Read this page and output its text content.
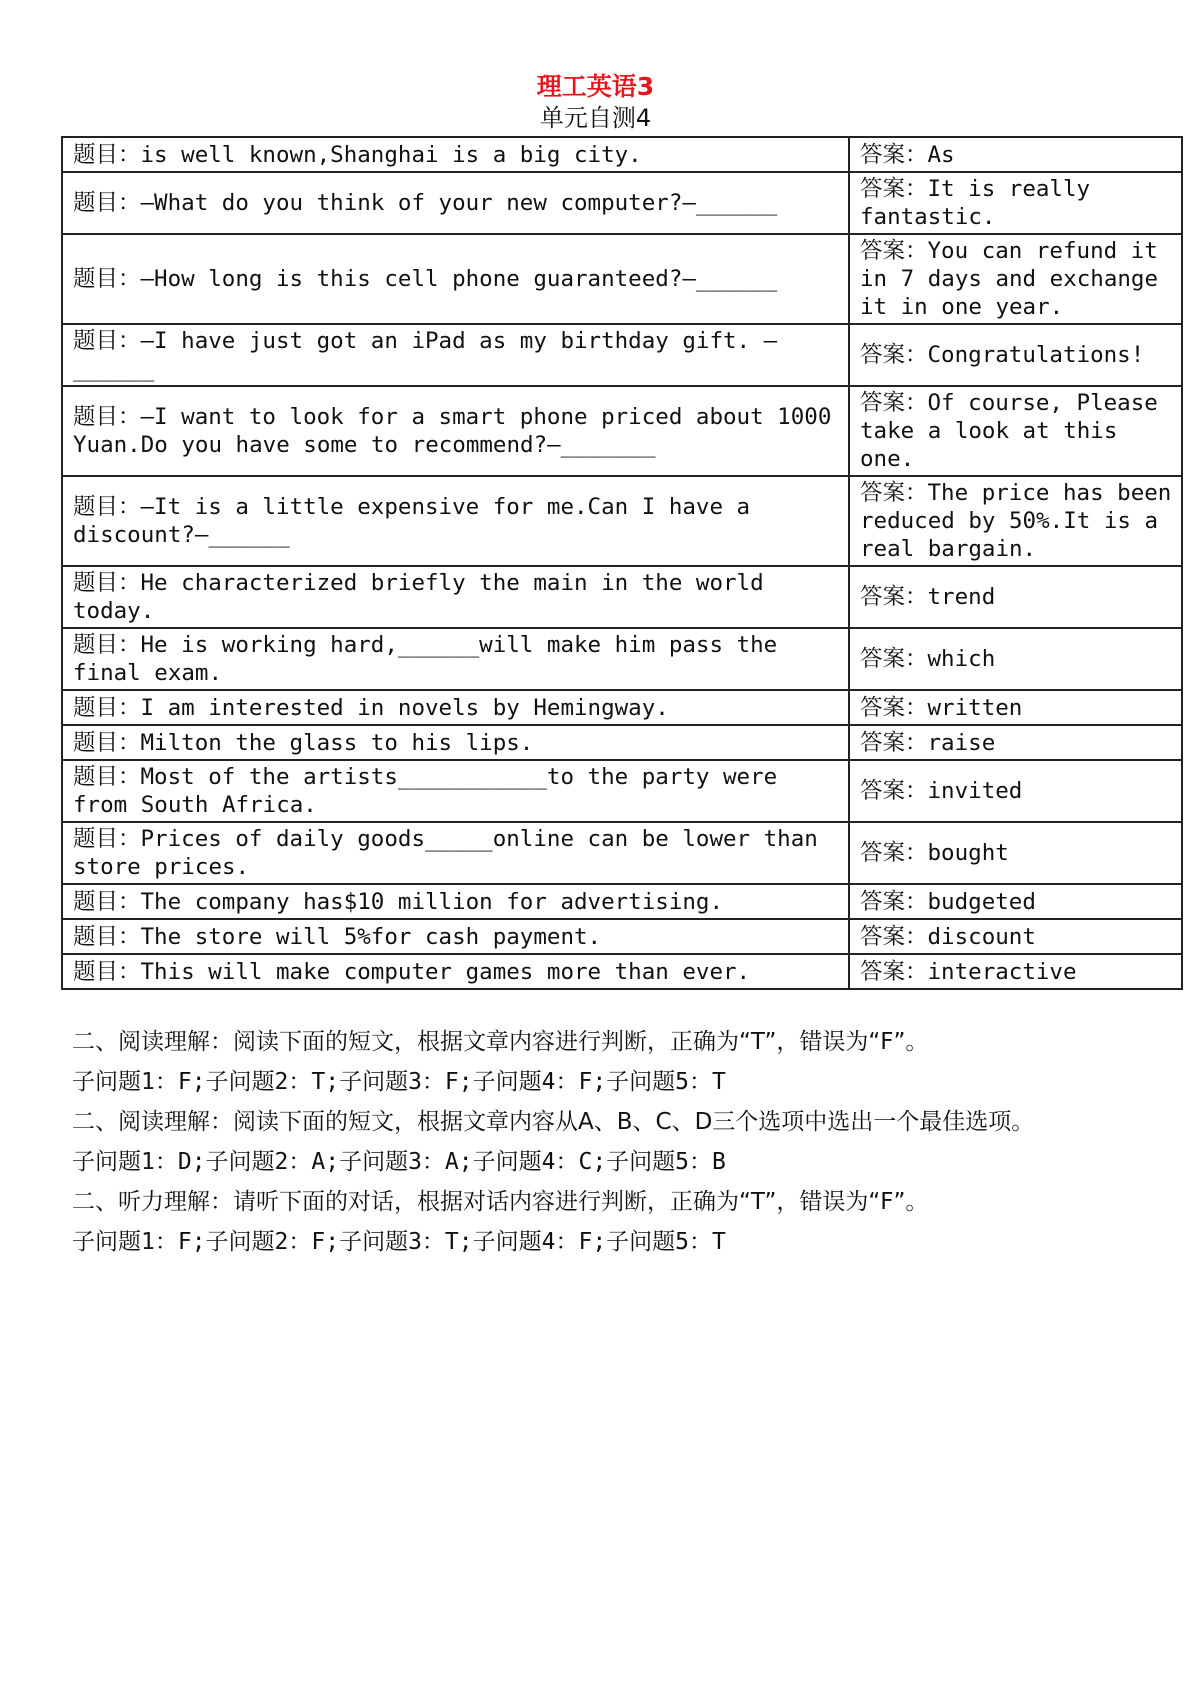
理工英语3
单元自测4
题目：is well known,Shanghai is a big city.	答案：As
题目：—What do you think of your new computer?—______	答案：It is really fantastic.
题目：—How long is this cell phone guaranteed?—______	答案：You can refund it in 7 days and exchange it in one year.
题目：—I have just got an iPad as my birthday gift. —______	答案：Congratulations!
题目：—I want to look for a smart phone priced about 1000 Yuan.Do you have some to recommend?—_______	答案：Of course, Please take a look at this one.
题目：—It is a little expensive for me.Can I have a discount?—______	答案：The price has been reduced by 50%.It is a real bargain.
题目：He characterized briefly the main in the world today.	答案：trend
题目：He is working hard,______will make him pass the final exam.	答案：which
题目：I am interested in novels by Hemingway.	答案：written
题目：Milton the glass to his lips.	答案：raise
题目：Most of the artists___________to the party were from South Africa.	答案：invited
题目：Prices of daily goods_____online can be lower than store prices.	答案：bought
题目：The company has$10 million for advertising.	答案：budgeted
题目：The store will 5%for cash payment.	答案：discount
题目：This will make computer games more than ever.	答案：interactive

二、阅读理解：阅读下面的短文，根据文章内容进行判断，正确为“T”，错误为“F”。

子问题1：F;子问题2：T;子问题3：F;子问题4：F;子问题5：T

二、阅读理解：阅读下面的短文，根据文章内容从A、B、C、D三个选项中选出一个最佳选项。

子问题1：D;子问题2：A;子问题3：A;子问题4：C;子问题5：B

二、听力理解：请听下面的对话，根据对话内容进行判断，正确为“T”，错误为“F”。

子问题1：F;子问题2：F;子问题3：T;子问题4：F;子问题5：T
